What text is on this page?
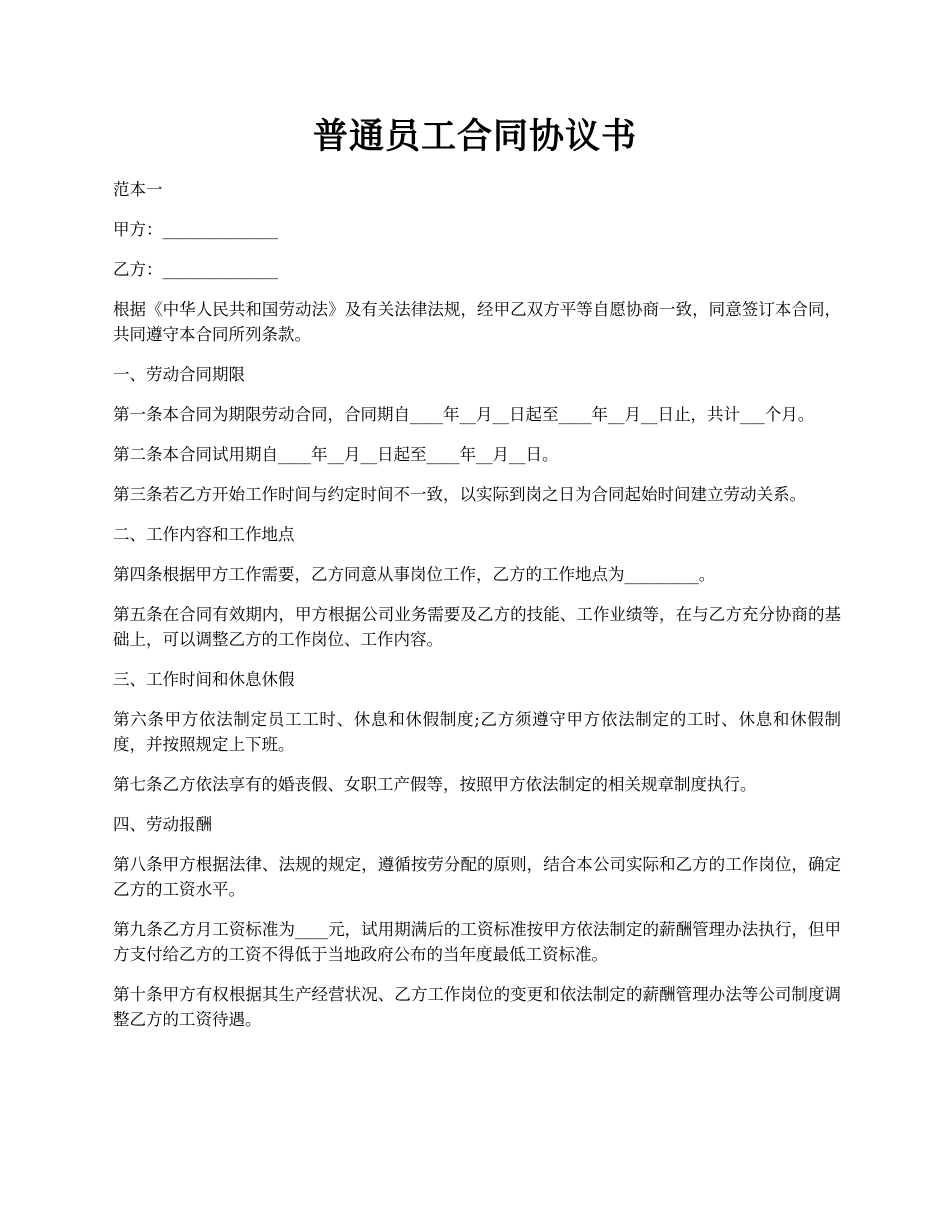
普通员工合同协议书

范本一

甲方：______________

乙方：______________

根据《中华人民共和国劳动法》及有关法律法规，经甲乙双方平等自愿协商一致，同意签订本合同，共同遵守本合同所列条款。

一、劳动合同期限

第一条本合同为期限劳动合同，合同期自____年__月__日起至____年__月__日止，共计___个月。

第二条本合同试用期自____年__月__日起至____年__月__日。

第三条若乙方开始工作时间与约定时间不一致，以实际到岗之日为合同起始时间建立劳动关系。

二、工作内容和工作地点

第四条根据甲方工作需要，乙方同意从事岗位工作，乙方的工作地点为_________。

第五条在合同有效期内，甲方根据公司业务需要及乙方的技能、工作业绩等，在与乙方充分协商的基础上，可以调整乙方的工作岗位、工作内容。

三、工作时间和休息休假

第六条甲方依法制定员工工时、休息和休假制度;乙方须遵守甲方依法制定的工时、休息和休假制度，并按照规定上下班。

第七条乙方依法享有的婚丧假、女职工产假等，按照甲方依法制定的相关规章制度执行。

四、劳动报酬

第八条甲方根据法律、法规的规定，遵循按劳分配的原则，结合本公司实际和乙方的工作岗位，确定乙方的工资水平。

第九条乙方月工资标准为____元，试用期满后的工资标准按甲方依法制定的薪酬管理办法执行，但甲方支付给乙方的工资不得低于当地政府公布的当年度最低工资标准。

第十条甲方有权根据其生产经营状况、乙方工作岗位的变更和依法制定的薪酬管理办法等公司制度调整乙方的工资待遇。
